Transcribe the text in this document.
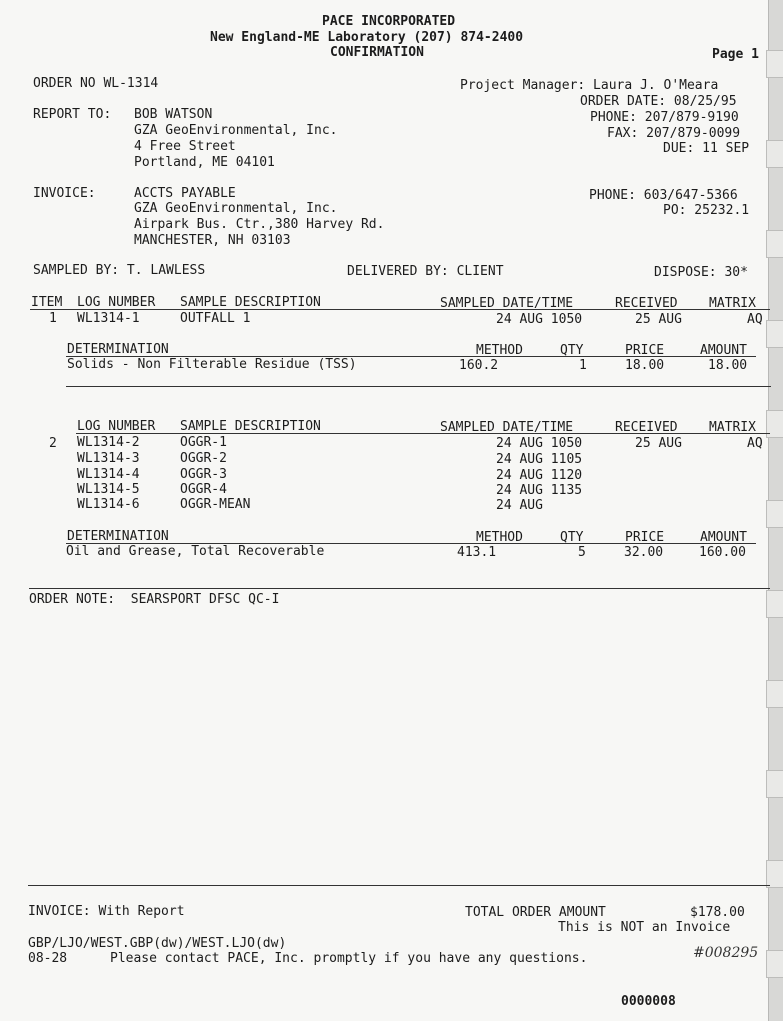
PACE INCORPORATED
New England-ME Laboratory (207) 874-2400
CONFIRMATION	Page 1
ORDER NO WL-1314	Project Manager: Laura J. O'Meara
ORDER DATE: 08/25/95
PHONE: 207/879-9190
FAX: 207/879-0099
DUE: 11 SEP
REPORT TO: BOB WATSON
GZA GeoEnvironmental, Inc.
4 Free Street
Portland, ME 04101
INVOICE:	ACCTS PAYABLE
GZA GeoEnvironmental, Inc.
Airpark Bus. Ctr.,380 Harvey Rd.
MANCHESTER, NH 03103
PHONE: 603/647-5366
PO: 25232.1
SAMPLED BY: T. LAWLESS	DELIVERED BY: CLIENT	DISPOSE: 30*
ITEM LOG NUMBER SAMPLE DESCRIPTION	SAMPLED DATE/TIME	RECEIVED MATRIX
1 WL1314-1	OUTFALL 1	24 AUG 1050	25 AUG	AQ
DETERMINATION	METHOD	QTY	PRICE	AMOUNT
Solids - Non Filterable Residue (TSS)	160.2	1	18.00	18.00
LOG NUMBER SAMPLE DESCRIPTION	SAMPLED DATE/TIME	RECEIVED MATRIX
2 WL1314-2	OGGR-1	24 AUG 1050	25 AUG	AQ
WL1314-3	OGGR-2	24 AUG 1105
WL1314-4	OGGR-3	24 AUG 1120
WL1314-5	OGGR-4	24 AUG 1135
WL1314-6	OGGR-MEAN	24 AUG
DETERMINATION	METHOD	QTY	PRICE	AMOUNT
Oil and Grease, Total Recoverable	413.1	5	32.00	160.00
ORDER NOTE:  SEARSPORT DFSC QC-I
INVOICE: With Report	TOTAL ORDER AMOUNT	$178.00
This is NOT an Invoice
GBP/LJO/WEST.GBP(dw)/WEST.LJO(dw)
08-28	Please contact PACE, Inc. promptly if you have any questions.	#008295
0000008
